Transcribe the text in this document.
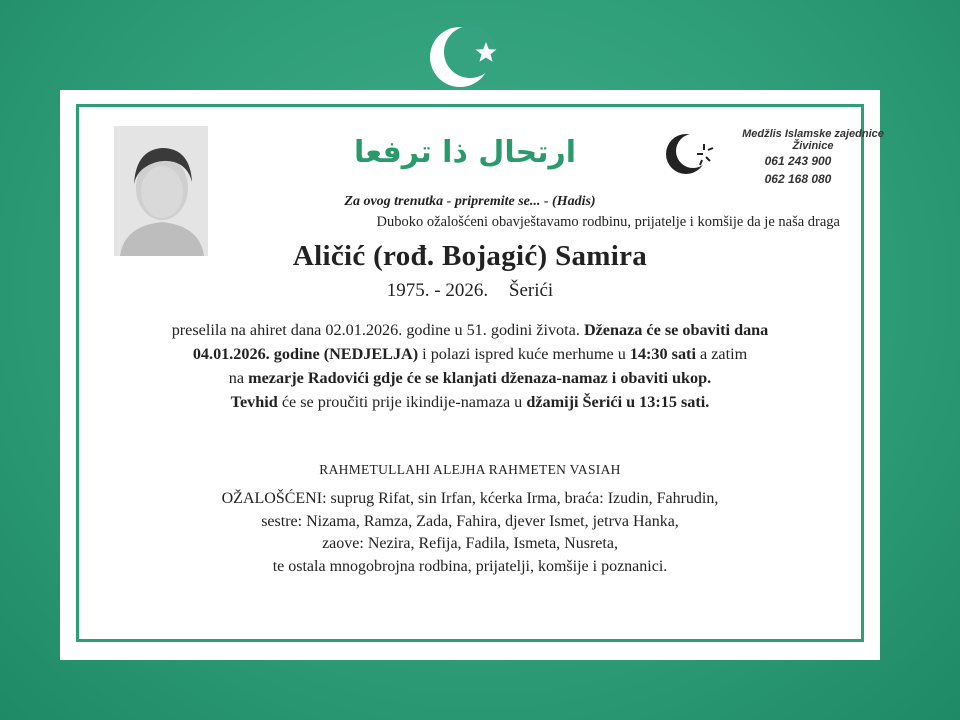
ارتحال ذا ترفعا
Medžlis Islamske zajednice
Živinice
061 243 900
062 168 080
Za ovog trenutka - pripremite se... - (Hadis)
Duboko ožalošćeni obavještavamo rodbinu, prijatelje i komšije da je naša draga
Aličić (rođ. Bojagić) Samira
1975. - 2026. Šerići
preselila na ahiret dana 02.01.2026. godine u 51. godini života. Dženaza će se obaviti dana
04.01.2026. godine (NEDJELJA) i polazi ispred kuće merhume u 14:30 sati a zatim
na mezarje Radovići gdje će se klanjati dženaza-namaz i obaviti ukop.
Tevhid će se proučiti prije ikindije-namaza u džamiji Šerići u 13:15 sati.
RAHMETULLAHI ALEJHA RAHMETEN VASIAH
OŽALOŠĆENI: suprug Rifat, sin Irfan, kćerka Irma, braća: Izudin, Fahrudin,
sestre: Nizama, Ramza, Zada, Fahira, djever Ismet, jetrva Hanka,
zaove: Nezira, Refija, Fadila, Ismeta, Nusreta,
te ostala mnogobrojna rodbina, prijatelji, komšije i poznanici.
